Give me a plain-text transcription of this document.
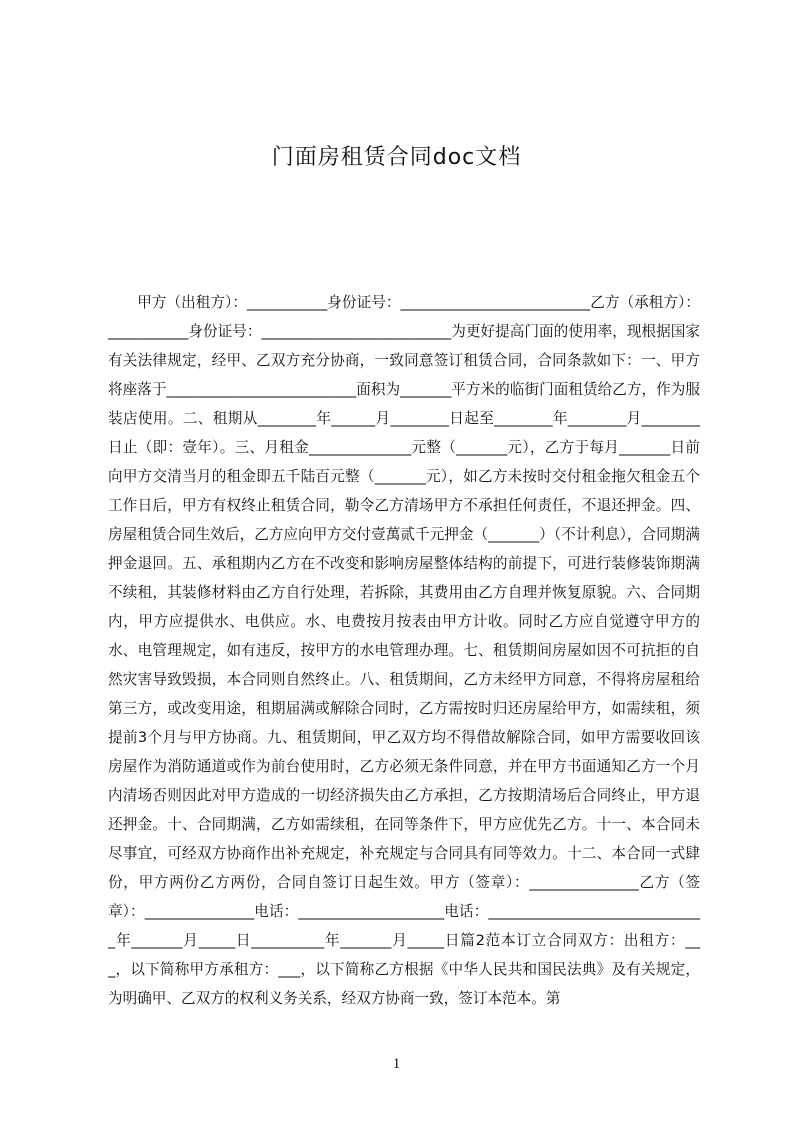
门面房租赁合同doc文档

甲方（出租方）：___________身份证号：__________________________乙方（承租方）：___________身份证号：__________________________为更好提高门面的使用率，现根据国家有关法律规定，经甲、乙双方充分协商，一致同意签订租赁合同，合同条款如下：一、甲方将座落于__________________________面积为_______平方米的临街门面租赁给乙方，作为服装店使用。二、租期从________年______月________日起至________年________月________日止（即：壹年）。三、月租金______________元整（_______元），乙方于每月_______日前向甲方交清当月的租金即五千陆百元整（_______元），如乙方未按时交付租金拖欠租金五个工作日后，甲方有权终止租赁合同，勒令乙方清场甲方不承担任何责任，不退还押金。四、房屋租赁合同生效后，乙方应向甲方交付壹萬贰千元押金（_______）（不计利息），合同期满押金退回。五、承租期内乙方在不改变和影响房屋整体结构的前提下，可进行装修装饰期满不续租，其装修材料由乙方自行处理，若拆除，其费用由乙方自理并恢复原貌。六、合同期内，甲方应提供水、电供应。水、电费按月按表由甲方计收。同时乙方应自觉遵守甲方的水、电管理规定，如有违反，按甲方的水电管理办理。七、租赁期间房屋如因不可抗拒的自然灾害导致毁损，本合同则自然终止。八、租赁期间，乙方未经甲方同意，不得将房屋租给第三方，或改变用途，租期届满或解除合同时，乙方需按时归还房屋给甲方，如需续租，须提前3个月与甲方协商。九、租赁期间，甲乙双方均不得借故解除合同，如甲方需要收回该房屋作为消防通道或作为前台使用时，乙方必须无条件同意，并在甲方书面通知乙方一个月内清场否则因此对甲方造成的一切经济损失由乙方承担，乙方按期清场后合同终止，甲方退还押金。十、合同期满，乙方如需续租，在同等条件下，甲方应优先乙方。十一、本合同未尽事宜，可经双方协商作出补充规定，补充规定与合同具有同等效力。十二、本合同一式肆份，甲方两份乙方两份，合同自签订日起生效。甲方（签章）：_______________乙方（签章）：_______________电话：____________________电话：______________________________年_______月_____日__________年_______月_____日篇2范本订立合同双方：出租方：___，以下简称甲方承租方：___，以下简称乙方根据《中华人民共和国民法典》及有关规定，为明确甲、乙双方的权利义务关系，经双方协商一致，签订本范本。第

1
